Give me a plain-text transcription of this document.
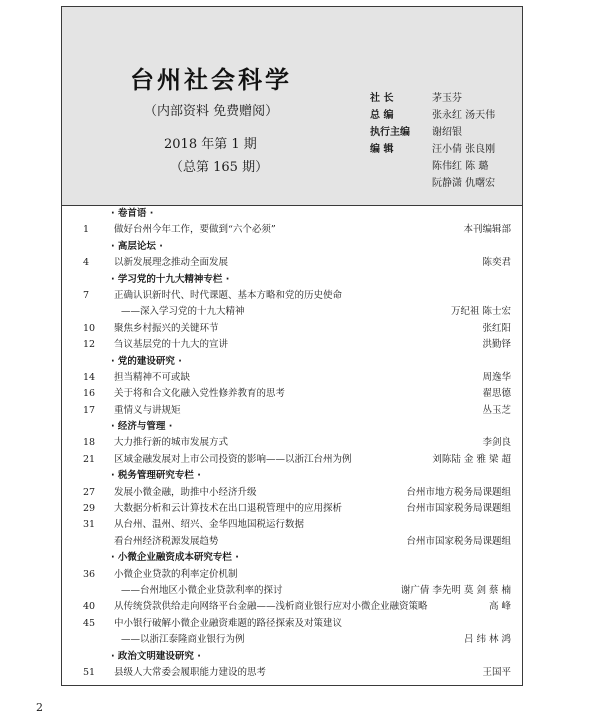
台州社会科学
（内部资料 免费赠阅）
2018 年第 1 期
（总第 165 期）
社 长	茅玉芬
总 编	张永红 汤天伟
执行主编 谢绍银
编 辑	汪小倩 张良刚
陈伟红 陈 璐
阮静潇 仇曙宏
· 卷首语 ·
1	做好台州今年工作，要做到“六个必须”	本刊编辑部
· 高层论坛 ·
4	以新发展理念推动全面发展	陈奕君
· 学习党的十九大精神专栏 ·
7	正确认识新时代、时代课题、基本方略和党的历史使命
——深入学习党的十九大精神	万纪祖 陈士宏
10	聚焦乡村振兴的关键环节	张红阳
12	刍议基层党的十九大的宣讲	洪勤铎
· 党的建设研究 ·
14	担当精神不可或缺	周逸华
16	关于将和合文化融入党性修养教育的思考	翟思德
17	重情义与讲规矩	丛玉芝
· 经济与管理 ·
18	大力推行新的城市发展方式	李剑良
21	区域金融发展对上市公司投资的影响——以浙江台州为例	刘陈陆 金 雅 梁 超
· 税务管理研究专栏 ·
27	发展小微金融，助推中小经济升级	台州市地方税务局课题组
29	大数据分析和云计算技术在出口退税管理中的应用探析	台州市国家税务局课题组
31	从台州、温州、绍兴、金华四地国税运行数据
看台州经济税源发展趋势	台州市国家税务局课题组
· 小微企业融资成本研究专栏 ·
36	小微企业贷款的利率定价机制
——台州地区小微企业贷款利率的探讨	谢广倩 李先明 莫 剑 蔡 楠
40	从传统贷款供给走向网络平台金融——浅析商业银行应对小微企业融资策略	高 峰
45	中小银行破解小微企业融资难题的路径探索及对策建议
——以浙江泰隆商业银行为例	吕 纬 林 鸿
· 政治文明建设研究 ·
51	县级人大常委会履职能力建设的思考	王国平
2
